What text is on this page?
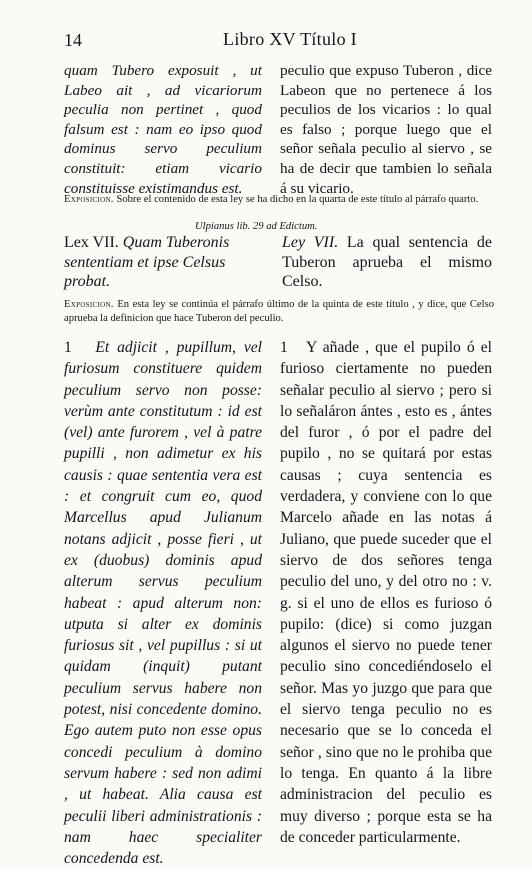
14	Libro XV Título I

quam Tubero exposuit , ut Labeo ait , ad vicariorum peculia non pertinet , quod falsum est : nam eo ipso quod dominus servo peculium constituit: etiam vicario constituisse existimandus est.

peculio que expuso Tuberon , dice Labeon que no pertenece á los peculios de los vicarios : lo qual es falso ; porque luego que el señor señala peculio al siervo , se ha de decir que tambien lo señala á su vicario.

Exposicion. Sobre el contenido de esta ley se ha dicho en la quarta de este título al párrafo quarto.

Ulpianus lib. 29 ad Edictum.

Lex VII. Quam Tuberonis sententiam et ipse Celsus probat.

Ley VII. La qual sentencia de Tuberon aprueba el mismo Celso.

Exposicion. En esta ley se continúa el párrafo último de la quinta de este título , y dice, que Celso aprueba la definicion que hace Tuberon del peculio.

1 Et adjicit , pupillum, vel furiosum constituere quidem peculium servo non posse: verùm ante constitutum : id est (vel) ante furorem , vel à patre pupilli , non adimetur ex his causis : quae sententia vera est : et congruit cum eo, quod Marcellus apud Julianum notans adjicit , posse fieri , ut ex (duobus) dominis apud alterum servus peculium habeat : apud alterum non: utputa si alter ex dominis furiosus sit , vel pupillus : si ut quidam (inquit) putant peculium servus habere non potest, nisi concedente domino. Ego autem puto non esse opus concedi peculium à domino servum habere : sed non adimi , ut habeat. Alia causa est peculii liberi administrationis : nam haec specialiter concedenda est.

1 Y añade , que el pupilo ó el furioso ciertamente no pueden señalar peculio al siervo ; pero si lo señaláron ántes , esto es , ántes del furor , ó por el padre del pupilo , no se quitará por estas causas ; cuya sentencia es verdadera, y conviene con lo que Marcelo añade en las notas á Juliano, que puede suceder que el siervo de dos señores tenga peculio del uno, y del otro no : v. g. si el uno de ellos es furioso ó pupilo: (dice) si como juzgan algunos el siervo no puede tener peculio sino concediéndoselo el señor. Mas yo juzgo que para que el siervo tenga peculio no es necesario que se lo conceda el señor , sino que no le prohiba que lo tenga. En quanto á la libre administracion del peculio es muy diverso ; porque esta se ha de conceder particularmente.
